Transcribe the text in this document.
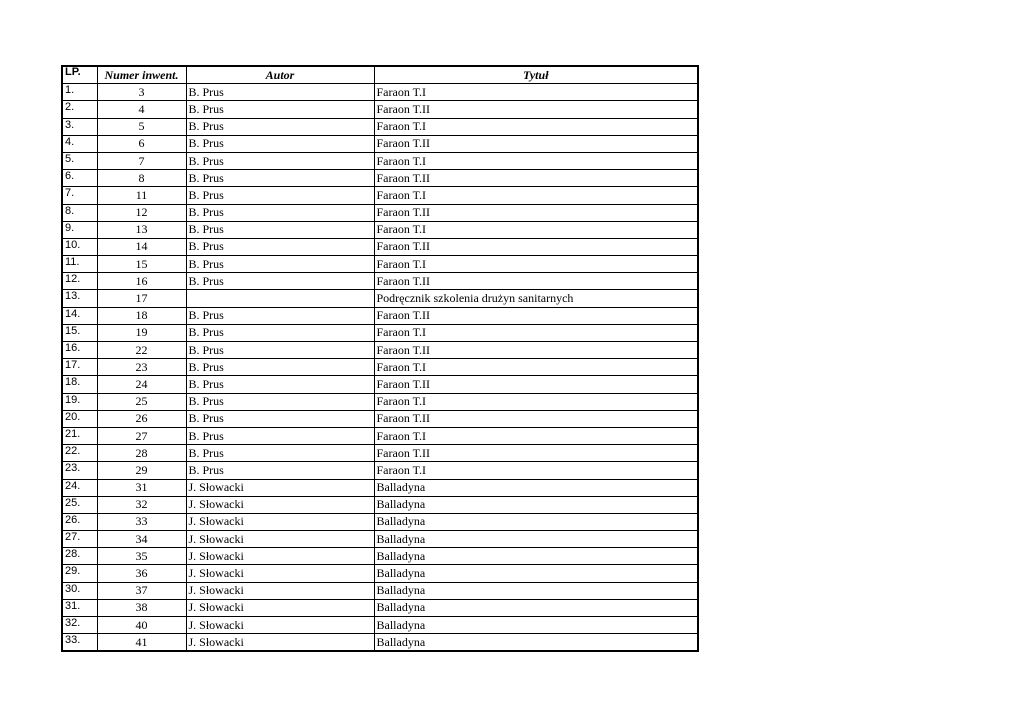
LP.	Numer inwent.	Autor	Tytuł
1.	3	B. Prus	Faraon T.I
2.	4	B. Prus	Faraon T.II
3.	5	B. Prus	Faraon T.I
4.	6	B. Prus	Faraon T.II
5.	7	B. Prus	Faraon T.I
6.	8	B. Prus	Faraon T.II
7.	11	B. Prus	Faraon T.I
8.	12	B. Prus	Faraon T.II
9.	13	B. Prus	Faraon T.I
10.	14	B. Prus	Faraon T.II
11.	15	B. Prus	Faraon T.I
12.	16	B. Prus	Faraon T.II
13.	17		Podręcznik szkolenia drużyn sanitarnych
14.	18	B. Prus	Faraon T.II
15.	19	B. Prus	Faraon T.I
16.	22	B. Prus	Faraon T.II
17.	23	B. Prus	Faraon T.I
18.	24	B. Prus	Faraon T.II
19.	25	B. Prus	Faraon T.I
20.	26	B. Prus	Faraon T.II
21.	27	B. Prus	Faraon T.I
22.	28	B. Prus	Faraon T.II
23.	29	B. Prus	Faraon T.I
24.	31	J. Słowacki	Balladyna
25.	32	J. Słowacki	Balladyna
26.	33	J. Słowacki	Balladyna
27.	34	J. Słowacki	Balladyna
28.	35	J. Słowacki	Balladyna
29.	36	J. Słowacki	Balladyna
30.	37	J. Słowacki	Balladyna
31.	38	J. Słowacki	Balladyna
32.	40	J. Słowacki	Balladyna
33.	41	J. Słowacki	Balladyna
